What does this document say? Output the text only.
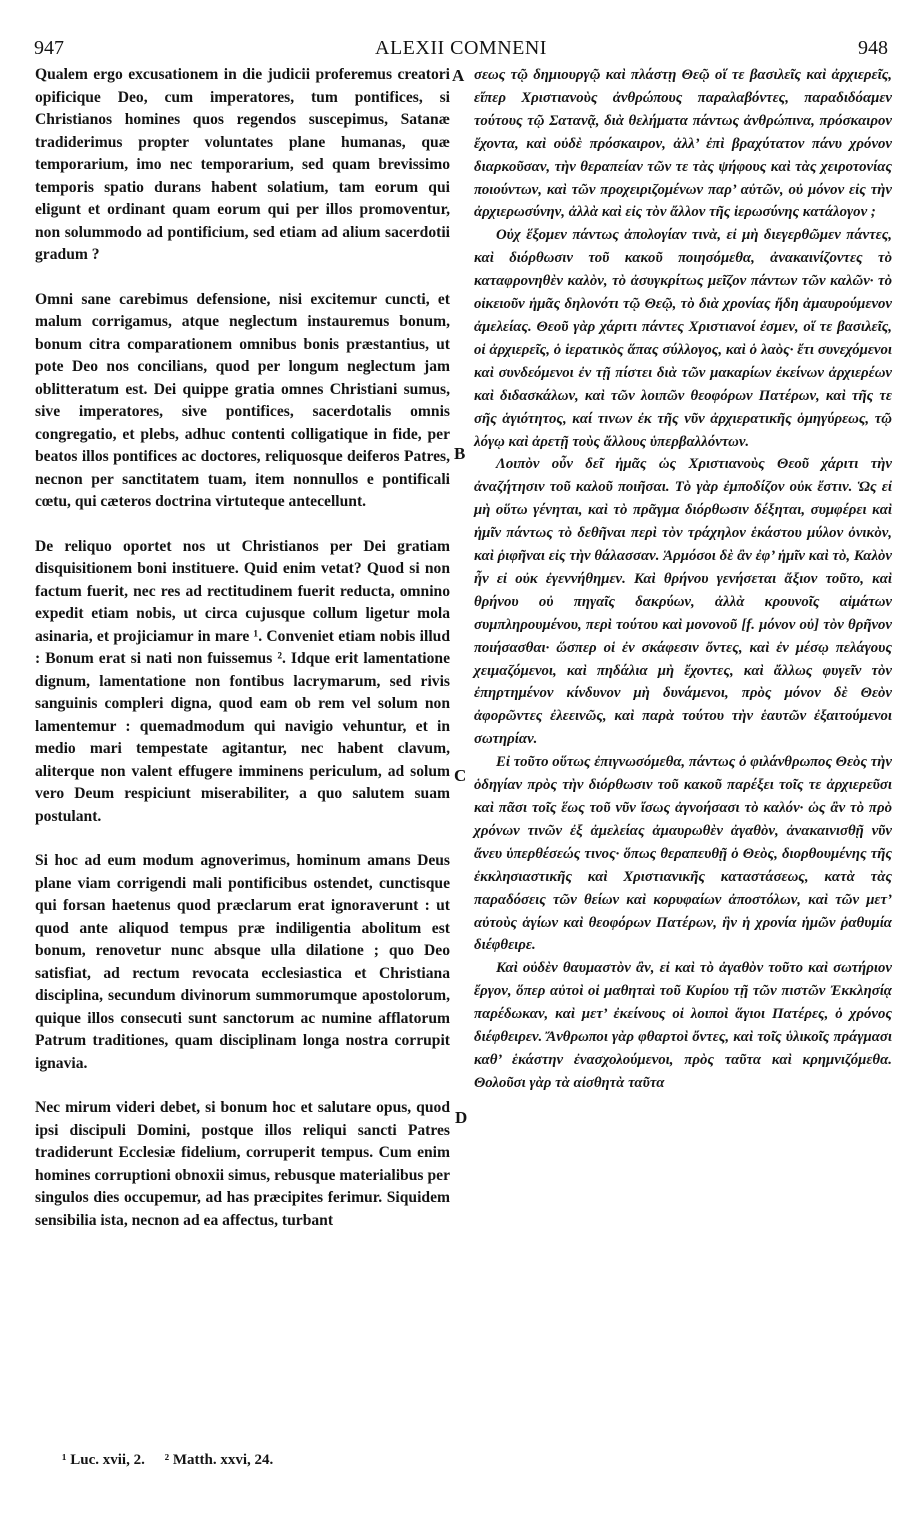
947	ALEXII COMNENI	948

Qualem ergo excusationem in die judicii proferemus creatori opificique Deo, cum imperatores, tum pontifices, si Christianos homines quos regendos suscepimus, Satanæ tradiderimus propter voluntates plane humanas, quæ temporarium, imo nec temporarium, sed quam brevissimo temporis spatio durans habent solatium, tam eorum qui eligunt et ordinant quam eorum qui per illos promoventur, non solummodo ad pontificium, sed etiam ad alium sacerdotii gradum ?

Omni sane carebimus defensione, nisi excitemur cuncti, et malum corrigamus, atque neglectum instauremus bonum, bonum citra comparationem omnibus bonis præstantius, ut pote Deo nos concilians, quod per longum neglectum jam oblitteratum est. Dei quippe gratia omnes Christiani sumus, sive imperatores, sive pontifices, sacerdotalis omnis congregatio, et plebs, adhuc contenti colligatique in fide, per beatos illos pontifices ac doctores, reliquosque deiferos Patres, necnon per sanctitatem tuam, item nonnullos e pontificali cœtu, qui cæteros doctrina virtuteque antecellunt.

De reliquo oportet nos ut Christianos per Dei gratiam disquisitionem boni instituere. Quid enim vetat? Quod si non factum fuerit, nec res ad rectitudinem fuerit reducta, omnino expedit etiam nobis, ut circa cujusque collum ligetur mola asinaria, et projiciamur in mare ¹. Conveniet etiam nobis illud : Bonum erat si nati non fuissemus ². Idque erit lamentatione dignum, lamentatione non fontibus lacrymarum, sed rivis sanguinis compleri digna, quod eam ob rem vel solum non lamentemur : quemadmodum qui navigio vehuntur, et in medio mari tempestate agitantur, nec habent clavum, aliterque non valent effugere imminens periculum, ad solum vero Deum respiciunt miserabiliter, a quo salutem suam postulant.

Si hoc ad eum modum agnoverimus, hominum amans Deus plane viam corrigendi mali pontificibus ostendet, cunctisque qui forsan haetenus quod præclarum erat ignoraverunt : ut quod ante aliquod tempus præ indiligentia abolitum est bonum, renovetur nunc absque ulla dilatione ; quo Deo satisfiat, ad rectum revocata ecclesiastica et Christiana disciplina, secundum divinorum summorumque apostolorum, quique illos consecuti sunt sanctorum ac numine afflatorum Patrum traditiones, quam disciplinam longa nostra corrupit ignavia.

Nec mirum videri debet, si bonum hoc et salutare opus, quod ipsi discipuli Domini, postque illos reliqui sancti Patres tradiderunt Ecclesiæ fidelium, corruperit tempus. Cum enim homines corruptioni obnoxii simus, rebusque materialibus per singulos dies occupemur, ad has præcipites ferimur. Siquidem sensibilia ista, necnon ad ea affectus, turbant

A
B
C
D

σεως τῷ δημιουργῷ καὶ πλάστῃ Θεῷ οἵ τε βασιλεῖς καὶ ἀρχιερεῖς, εἴπερ Χριστιανοὺς ἀνθρώπους παραλαβόντες, παραδιδόαμεν τούτους τῷ Σατανᾷ, διὰ θελήματα πάντως ἀνθρώπινα, πρόσκαιρον ἔχοντα, καὶ οὐδὲ πρόσκαιρον, ἀλλ’ ἐπὶ βραχύτατον πάνυ χρόνον διαρκοῦσαν, τὴν θεραπείαν τῶν τε τὰς ψήφους καὶ τὰς χειροτονίας ποιούντων, καὶ τῶν προχειριζομένων παρ’ αὐτῶν, οὐ μόνον εἰς τὴν ἀρχιερωσύνην, ἀλλὰ καὶ εἰς τὸν ἄλλον τῆς ἱερωσύνης κατάλογον ;

Οὐχ ἕξομεν πάντως ἀπολογίαν τινὰ, εἰ μὴ διεγερθῶμεν πάντες, καὶ διόρθωσιν τοῦ κακοῦ ποιησόμεθα, ἀνακαινίζοντες τὸ καταφρονηθὲν καλὸν, τὸ ἀσυγκρίτως μεῖζον πάντων τῶν καλῶν· τὸ οἰκειοῦν ἡμᾶς δηλονότι τῷ Θεῷ, τὸ διὰ χρονίας ἤδη ἀμαυρούμενον ἀμελείας. Θεοῦ γὰρ χάριτι πάντες Χριστιανοί ἐσμεν, οἵ τε βασιλεῖς, οἱ ἀρχιερεῖς, ὁ ἱερατικὸς ἅπας σύλλογος, καὶ ὁ λαὸς· ἔτι συνεχόμενοι καὶ συνδεόμενοι ἐν τῇ πίστει διὰ τῶν μακαρίων ἐκείνων ἀρχιερέων καὶ διδασκάλων, καὶ τῶν λοιπῶν θεοφόρων Πατέρων, καὶ τῆς τε σῆς ἁγιότητος, καί τινων ἐκ τῆς νῦν ἀρχιερατικῆς ὁμηγύρεως, τῷ λόγῳ καὶ ἀρετῇ τοὺς ἄλλους ὑπερβαλλόντων.

Λοιπὸν οὖν δεῖ ἡμᾶς ὡς Χριστιανοὺς Θεοῦ χάριτι τὴν ἀναζήτησιν τοῦ καλοῦ ποιῆσαι. Τὸ γὰρ ἐμποδίζον οὐκ ἔστιν. Ὡς εἰ μὴ οὕτω γένηται, καὶ τὸ πρᾶγμα διόρθωσιν δέξηται, συμφέρει καὶ ἡμῖν πάντως τὸ δεθῆναι περὶ τὸν τράχηλον ἑκάστου μύλον ὀνικὸν, καὶ ῥιφῆναι εἰς τὴν θάλασσαν. Ἁρμόσοι δὲ ἂν ἐφ’ ἡμῖν καὶ τὸ, Καλὸν ἦν εἰ οὐκ ἐγεννήθημεν. Καὶ θρήνου γενήσεται ἄξιον τοῦτο, καὶ θρήνου οὐ πηγαῖς δακρύων, ἀλλὰ κρουνοῖς αἱμάτων συμπληρουμένου, περὶ τούτου καὶ μονονοῦ [f. μόνον οὐ] τὸν θρῆνον ποιήσασθαι· ὥσπερ οἱ ἐν σκάφεσιν ὄντες, καὶ ἐν μέσῳ πελάγους χειμαζόμενοι, καὶ πηδάλια μὴ ἔχοντες, καὶ ἄλλως φυγεῖν τὸν ἐπηρτημένον κίνδυνον μὴ δυνάμενοι, πρὸς μόνον δὲ Θεὸν ἀφορῶντες ἐλεεινῶς, καὶ παρὰ τούτου τὴν ἑαυτῶν ἐξαιτούμενοι σωτηρίαν.

Εἰ τοῦτο οὕτως ἐπιγνωσόμεθα, πάντως ὁ φιλάνθρωπος Θεὸς τὴν ὁδηγίαν πρὸς τὴν διόρθωσιν τοῦ κακοῦ παρέξει τοῖς τε ἀρχιερεῦσι καὶ πᾶσι τοῖς ἕως τοῦ νῦν ἴσως ἀγνοήσασι τὸ καλόν· ὡς ἂν τὸ πρὸ χρόνων τινῶν ἐξ ἀμελείας ἀμαυρωθὲν ἀγαθὸν, ἀνακαινισθῇ νῦν ἄνευ ὑπερθέσεώς τινος· ὅπως θεραπευθῇ ὁ Θεὸς, διορθουμένης τῆς ἐκκλησιαστικῆς καὶ Χριστιανικῆς καταστάσεως, κατὰ τὰς παραδόσεις τῶν θείων καὶ κορυφαίων ἀποστόλων, καὶ τῶν μετ’ αὐτοὺς ἁγίων καὶ θεοφόρων Πατέρων, ἣν ἡ χρονία ἡμῶν ῥαθυμία διέφθειρε.

Καὶ οὐδὲν θαυμαστὸν ἂν, εἰ καὶ τὸ ἀγαθὸν τοῦτο καὶ σωτήριον ἔργον, ὅπερ αὐτοὶ οἱ μαθηταὶ τοῦ Κυρίου τῇ τῶν πιστῶν Ἐκκλησίᾳ παρέδωκαν, καὶ μετ’ ἐκείνους οἱ λοιποὶ ἅγιοι Πατέρες, ὁ χρόνος διέφθειρεν. Ἄνθρωποι γὰρ φθαρτοὶ ὄντες, καὶ τοῖς ὑλικοῖς πράγμασι καθ’ ἑκάστην ἐνασχολούμενοι, πρὸς ταῦτα καὶ κρημνιζόμεθα. Θολοῦσι γὰρ τὰ αἰσθητὰ ταῦτα

¹ Luc. xvii, 2. ² Matth. xxvi, 24.
